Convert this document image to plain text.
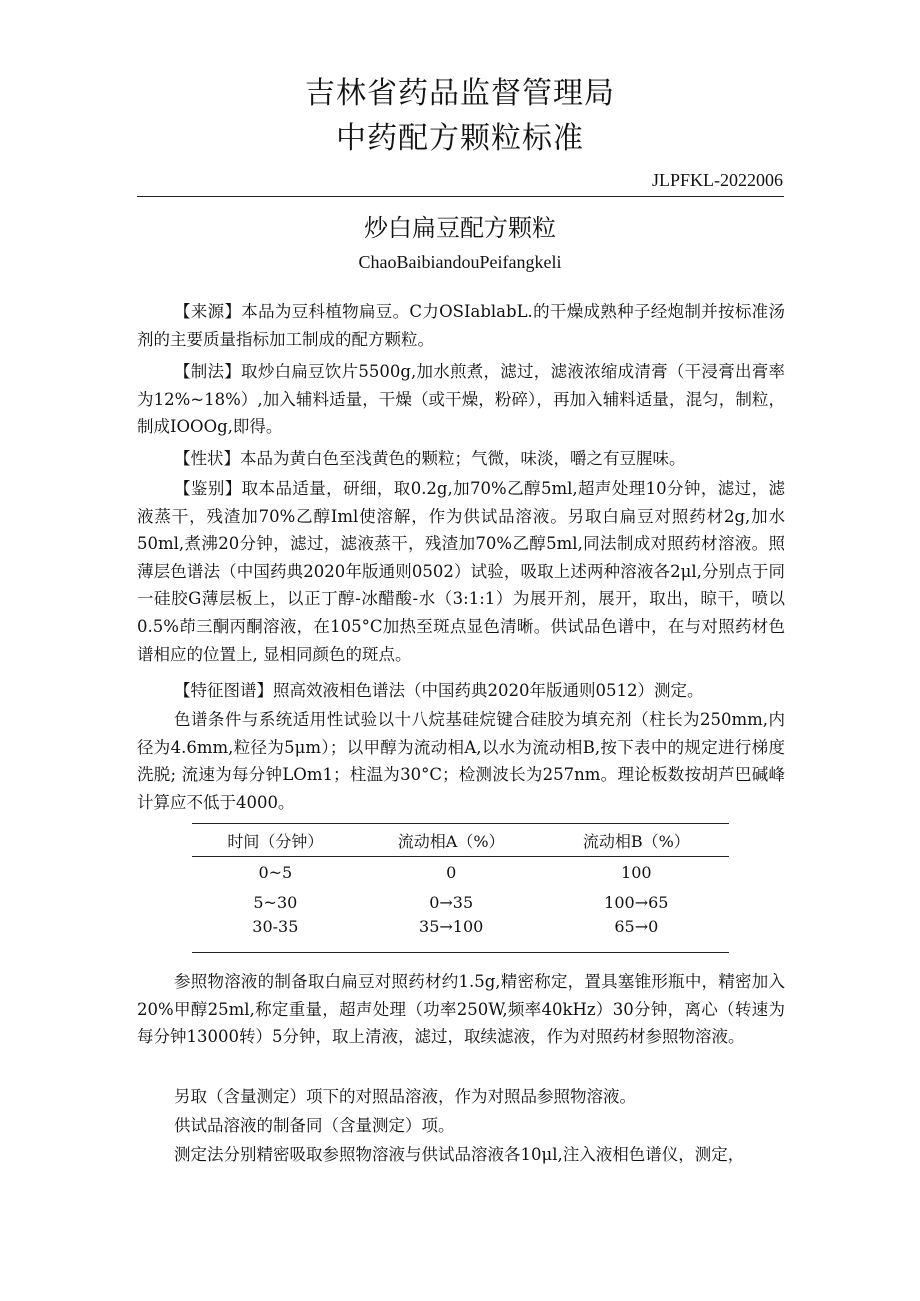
吉林省药品监督管理局
中药配方颗粒标准
JLPFKL-2022006
炒白扁豆配方颗粒
ChaoBaibiandouPeifangkeli

【来源】本品为豆科植物扁豆。C力OSIablabL.的干燥成熟种子经炮制并按标准汤剂的主要质量指标加工制成的配方颗粒。

【制法】取炒白扁豆饮片5500g,加水煎煮，滤过，滤液浓缩成清膏（干浸膏出膏率为12%~18%）,加入辅料适量，干燥（或干燥，粉碎），再加入辅料适量，混匀，制粒，制成IOOOg,即得。

【性状】本品为黄白色至浅黄色的颗粒；气微，味淡，嚼之有豆腥味。

【鉴别】取本品适量，研细，取0.2g,加70%乙醇5ml,超声处理10分钟，滤过，滤液蒸干，残渣加70%乙醇Iml使溶解，作为供试品溶液。另取白扁豆对照药材2g,加水50ml,煮沸20分钟，滤过，滤液蒸干，残渣加70%乙醇5ml,同法制成对照药材溶液。照薄层色谱法（中国药典2020年版通则0502）试验，吸取上述两种溶液各2μl,分别点于同一硅胶G薄层板上，以正丁醇-冰醋酸-水（3:1:1）为展开剂，展开，取出，晾干，喷以0.5%茚三酮丙酮溶液，在105°C加热至斑点显色清晰。供试品色谱中，在与对照药材色谱相应的位置上, 显相同颜色的斑点。

【特征图谱】照高效液相色谱法（中国药典2020年版通则0512）测定。

色谱条件与系统适用性试验以十八烷基硅烷键合硅胶为填充剂（柱长为250mm,内径为4.6mm,粒径为5μm）；以甲醇为流动相A,以水为流动相B,按下表中的规定进行梯度洗脱; 流速为每分钟LOm1；柱温为30°C；检测波长为257nm。理论板数按胡芦巴碱峰计算应不低于4000。

时间（分钟）	流动相A（%）	流动相B（%）
0~5	0	100
5~30	0→35	100→65
30-35	35→100	65→0

参照物溶液的制备取白扁豆对照药材约1.5g,精密称定，置具塞锥形瓶中，精密加入20%甲醇25ml,称定重量，超声处理（功率250W,频率40kHz）30分钟，离心（转速为每分钟13000转）5分钟，取上清液，滤过，取续滤液，作为对照药材参照物溶液。

另取（含量测定）项下的对照品溶液，作为对照品参照物溶液。

供试品溶液的制备同（含量测定）项。

测定法分别精密吸取参照物溶液与供试品溶液各10μl,注入液相色谱仪，测定，
